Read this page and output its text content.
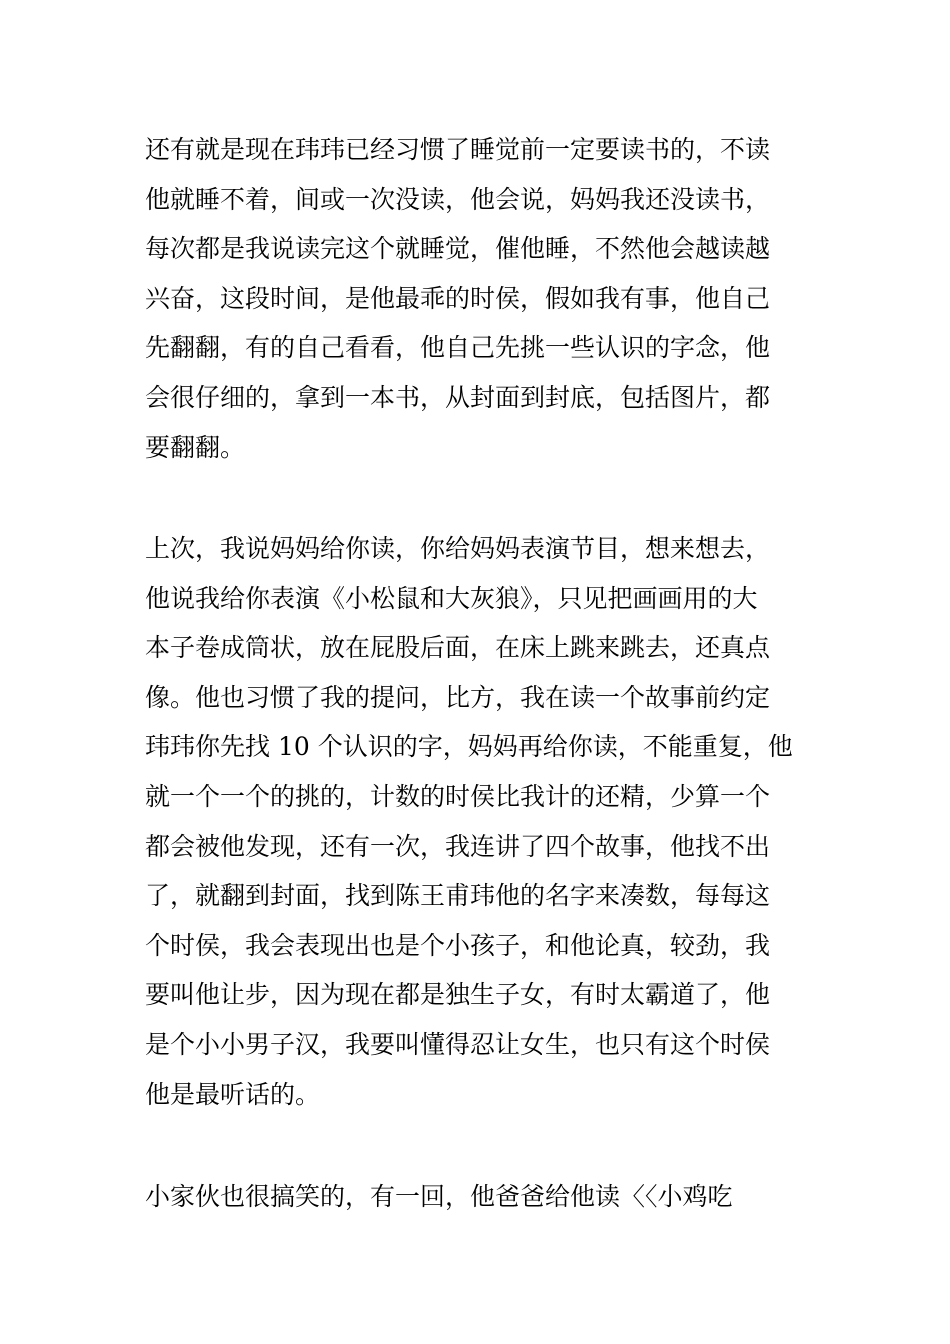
还有就是现在玮玮已经习惯了睡觉前一定要读书的，不读
他就睡不着，间或一次没读，他会说，妈妈我还没读书，
每次都是我说读完这个就睡觉，催他睡，不然他会越读越
兴奋，这段时间，是他最乖的时侯，假如我有事，他自己
先翻翻，有的自己看看，他自己先挑一些认识的字念，他
会很仔细的，拿到一本书，从封面到封底，包括图片，都
要翻翻。
上次，我说妈妈给你读，你给妈妈表演节目，想来想去，
他说我给你表演《小松鼠和大灰狼》，只见把画画用的大
本子卷成筒状，放在屁股后面，在床上跳来跳去，还真点
像。他也习惯了我的提问，比方，我在读一个故事前约定
玮玮你先找 10 个认识的字，妈妈再给你读，不能重复，他
就一个一个的挑的，计数的时侯比我计的还精，少算一个
都会被他发现，还有一次，我连讲了四个故事，他找不出
了，就翻到封面，找到陈王甫玮他的名字来凑数，每每这
个时侯，我会表现出也是个小孩子，和他论真，较劲，我
要叫他让步，因为现在都是独生子女，有时太霸道了，他
是个小小男子汉，我要叫懂得忍让女生，也只有这个时侯
他是最听话的。
小家伙也很搞笑的，有一回，他爸爸给他读〈〈小鸡吃
